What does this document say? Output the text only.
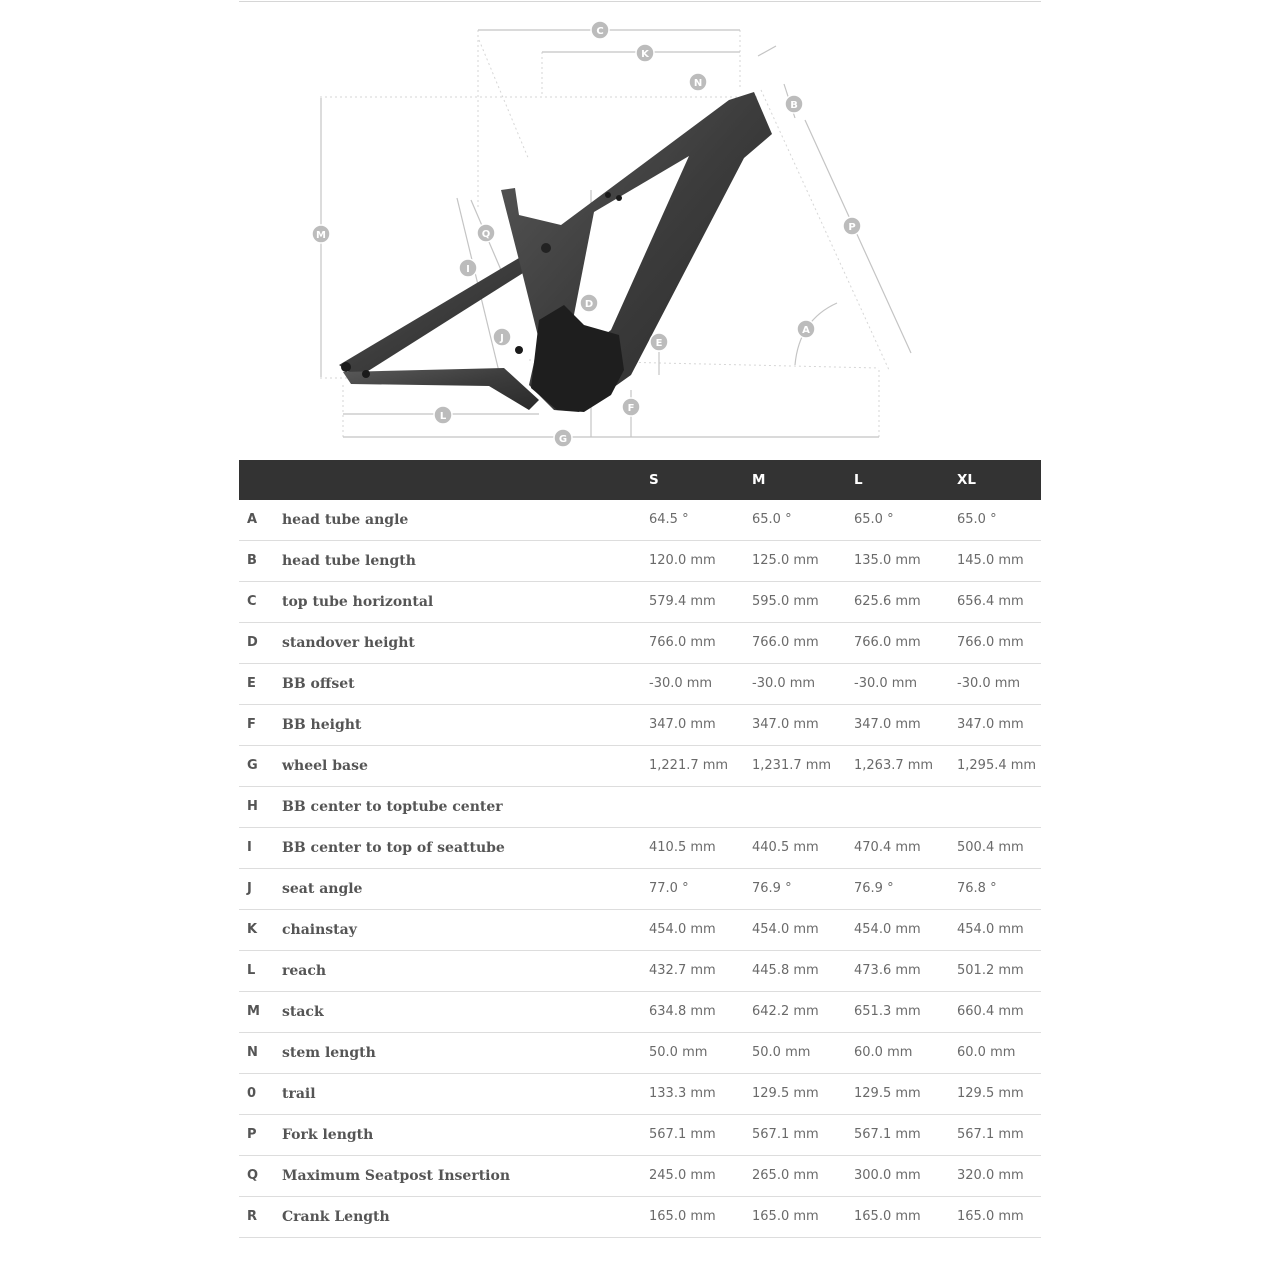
C
K
N
B
M	Q
P
I
D
A
J	E
F
L
G
S	M	L	XL
A head tube angle	64.5 °	65.0 °	65.0 °	65.0 °
B head tube length	120.0 mm	125.0 mm	135.0 mm	145.0 mm
C top tube horizontal	579.4 mm	595.0 mm	625.6 mm	656.4 mm
D standover height	766.0 mm	766.0 mm	766.0 mm	766.0 mm
E BB offset	-30.0 mm	-30.0 mm	-30.0 mm	-30.0 mm
F BB height	347.0 mm	347.0 mm	347.0 mm	347.0 mm
G wheel base	1,221.7 mm 1,231.7 mm 1,263.7 mm 1,295.4 mm
H BB center to toptube center
I BB center to top of seattube	410.5 mm	440.5 mm	470.4 mm	500.4 mm
J seat angle	77.0 °	76.9 °	76.9 °	76.8 °
K chainstay	454.0 mm	454.0 mm	454.0 mm	454.0 mm
L reach	432.7 mm	445.8 mm	473.6 mm	501.2 mm
M stack	634.8 mm	642.2 mm	651.3 mm	660.4 mm
N stem length	50.0 mm	50.0 mm	60.0 mm	60.0 mm
0 trail	133.3 mm	129.5 mm	129.5 mm	129.5 mm
P Fork length	567.1 mm	567.1 mm	567.1 mm	567.1 mm
Q Maximum Seatpost Insertion	245.0 mm	265.0 mm	300.0 mm	320.0 mm
R Crank Length	165.0 mm	165.0 mm	165.0 mm	165.0 mm
